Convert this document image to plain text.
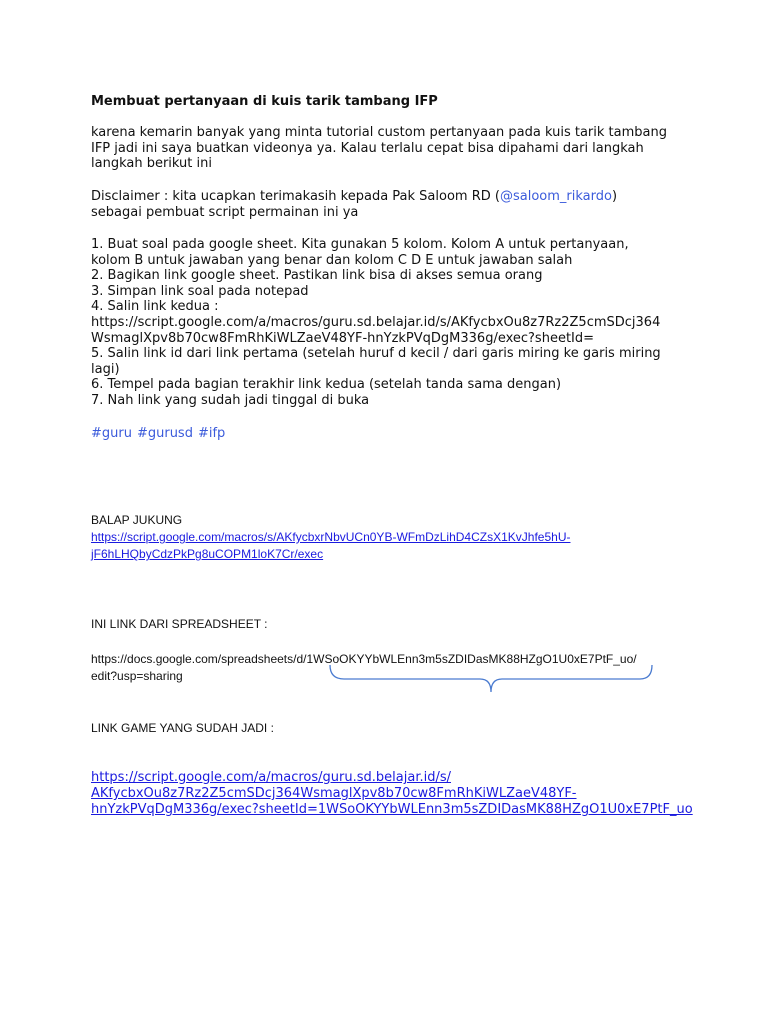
Membuat pertanyaan di kuis tarik tambang IFP

karena kemarin banyak yang minta tutorial custom pertanyaan pada kuis tarik tambang
IFP jadi ini saya buatkan videonya ya. Kalau terlalu cepat bisa dipahami dari langkah
langkah berikut ini
Disclaimer : kita ucapkan terimakasih kepada Pak Saloom RD (@saloom_rikardo)
sebagai pembuat script permainan ini ya
1. Buat soal pada google sheet. Kita gunakan 5 kolom. Kolom A untuk pertanyaan,
kolom B untuk jawaban yang benar dan kolom C D E untuk jawaban salah
2. Bagikan link google sheet. Pastikan link bisa di akses semua orang
3. Simpan link soal pada notepad
4. Salin link kedua :
https://script.google.com/a/macros/guru.sd.belajar.id/s/AKfycbxOu8z7Rz2Z5cmSDcj364
WsmaglXpv8b70cw8FmRhKiWLZaeV48YF-hnYzkPVqDgM336g/exec?sheetId=
5. Salin link id dari link pertama (setelah huruf d kecil / dari garis miring ke garis miring
lagi)
6. Tempel pada bagian terakhir link kedua (setelah tanda sama dengan)
7. Nah link yang sudah jadi tinggal di buka
#guru #gurusd #ifp
BALAP JUKUNG
https://script.google.com/macros/s/AKfycbxrNbvUCn0YB-WFmDzLihD4CZsX1KvJhfe5hU-
jF6hLHQbyCdzPkPg8uCOPM1loK7Cr/exec
INI LINK DARI SPREADSHEET :
https://docs.google.com/spreadsheets/d/1WSoOKYYbWLEnn3m5sZDIDasMK88HZgO1U0xE7PtF_uo/
edit?usp=sharing
LINK GAME YANG SUDAH JADI :
https://script.google.com/a/macros/guru.sd.belajar.id/s/
AKfycbxOu8z7Rz2Z5cmSDcj364WsmaglXpv8b70cw8FmRhKiWLZaeV48YF-
hnYzkPVqDgM336g/exec?sheetId=1WSoOKYYbWLEnn3m5sZDIDasMK88HZgO1U0xE7PtF_uo
